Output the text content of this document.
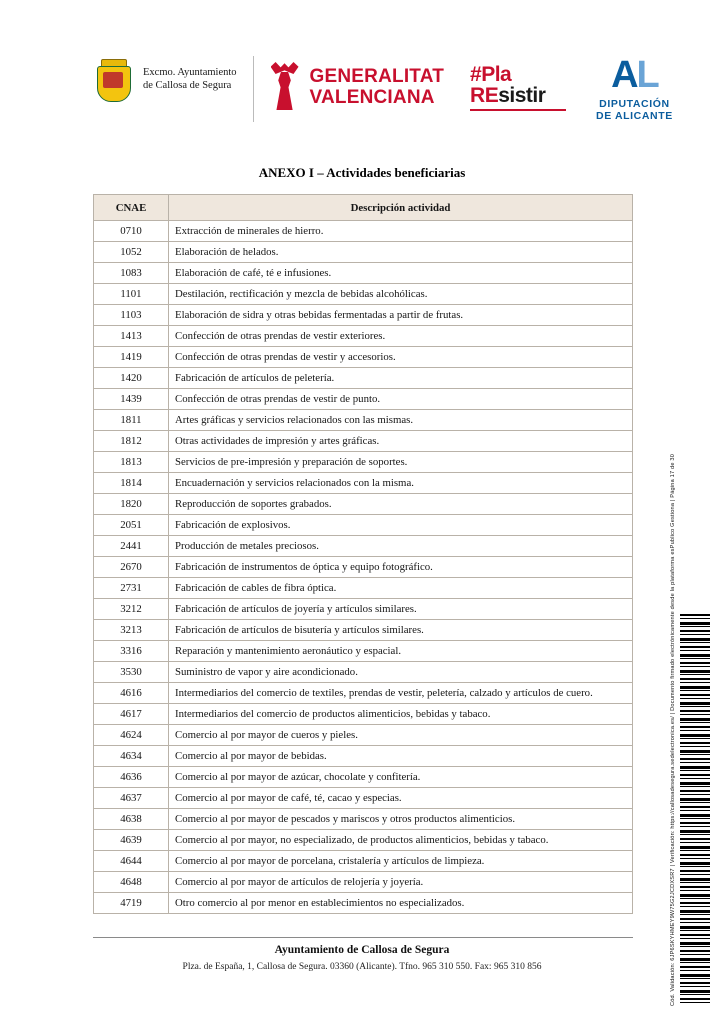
Excmo. Ayuntamiento
de Callosa de Segura	GENERALITAT
VALENCIANA
#Pla
REsistir	AL
DIPUTACIÓN
DE ALICANTE
ANEXO I – Actividades beneficiarias
CNAE	Descripción actividad
0710	Extracción de minerales de hierro.
1052	Elaboración de helados.
1083	Elaboración de café, té e infusiones.
1101	Destilación, rectificación y mezcla de bebidas alcohólicas.
1103	Elaboración de sidra y otras bebidas fermentadas a partir de frutas.
1413	Confección de otras prendas de vestir exteriores.
1419	Confección de otras prendas de vestir y accesorios.
1420	Fabricación de artículos de peletería.
1439	Confección de otras prendas de vestir de punto.
1811	Artes gráficas y servicios relacionados con las mismas.
1812	Otras actividades de impresión y artes gráficas.
1813	Servicios de pre-impresión y preparación de soportes.
1814	Encuadernación y servicios relacionados con la misma.
1820	Reproducción de soportes grabados.
2051	Fabricación de explosivos.
2441	Producción de metales preciosos.
2670	Fabricación de instrumentos de óptica y equipo fotográfico.
2731	Fabricación de cables de fibra óptica.
3212	Fabricación de artículos de joyería y artículos similares.
3213	Fabricación de artículos de bisutería y artículos similares.
3316	Reparación y mantenimiento aeronáutico y espacial.
3530	Suministro de vapor y aire acondicionado.
4616	Intermediarios del comercio de textiles, prendas de vestir, peletería, calzado y artículos de cuero.
4617	Intermediarios del comercio de productos alimenticios, bebidas y tabaco.
4624	Comercio al por mayor de cueros y pieles.
4634	Comercio al por mayor de bebidas.
4636	Comercio al por mayor de azúcar, chocolate y confitería.
4637	Comercio al por mayor de café, té, cacao y especias.
4638	Comercio al por mayor de pescados y mariscos y otros productos alimenticios.
4639	Comercio al por mayor, no especializado, de productos alimenticios, bebidas y tabaco.
4644	Comercio al por mayor de porcelana, cristalería y artículos de limpieza.
4648	Comercio al por mayor de artículos de relojería y joyería.
4719	Otro comercio al por menor en establecimientos no especializados.
Ayuntamiento de Callosa de Segura
Plza. de España, 1, Callosa de Segura. 03360 (Alicante). Tfno. 965 310 550. Fax: 965 310 856	Cód. Validación: 6JP6SKYHMEY9W75G2JCDXSR7 | Verificación: https://callosadesegura.sedelectronica.es/ | Documento firmado electrónicamente desde la plataforma esPublico Gestiona | Página 17 de 30
